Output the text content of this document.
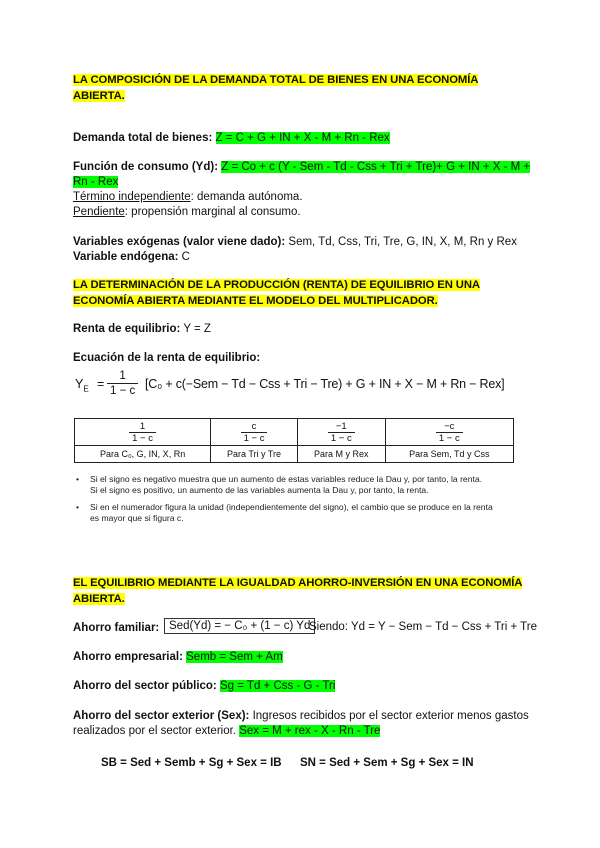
LA COMPOSICIÓN DE LA DEMANDA TOTAL DE BIENES EN UNA ECONOMÍA
ABIERTA.
Demanda total de bienes: Z = C + G + IN + X - M + Rn - Rex
Función de consumo (Yd): Z = Co + c (Y - Sem - Td - Css + Tri + Tre)+ G + IN + X - M +
Rn - Rex
Término independiente: demanda autónoma.
Pendiente: propensión marginal al consumo.
Variables exógenas (valor viene dado): Sem, Td, Css, Tri, Tre, G, IN, X, M, Rn y Rex
Variable endógena: C
LA DETERMINACIÓN DE LA PRODUCCIÓN (RENTA) DE EQUILIBRIO EN UNA
ECONOMÍA ABIERTA MEDIANTE EL MODELO DEL MULTIPLICADOR.
Renta de equilibrio: Y = Z
Ecuación de la renta de equilibrio:
$Y_E = \frac{1}{1 - c} [C_0 + c(-Sem - Td$ − Css + Tri − Tre) + G + IN + X − M + Rn − Rex]
$\frac{1}{1 - c}$	$\frac{c}{1 - c}$	$\frac{-1}{1 - c}$	$\frac{-c}{1 - c}$

Para C₀, G, IN, X, Rn	Para Tri y Tre	Para M y Rex	Para Sem, Td y Css
• Si el signo es negativo muestra que un aumento de estas variables reduce la Dau y, por tanto, la renta.
Si el signo es positivo, un aumento de las variables aumenta la Dau y, por tanto, la renta.
• Si en el numerador figura la unidad (independientemente del signo), el cambio que se produce en la renta
es mayor que si figura c.
EL EQUILIBRIO MEDIANTE LA IGUALDAD AHORRO-INVERSIÓN EN UNA ECONOMÍA
ABIERTA.
Ahorro familiar: Sed(Yd) = − C₀ + (1 − c) Yd
Siendo: Yd = Y − Sem − Td − Css + Tri + Tre
Ahorro empresarial: Semb = Sem + Am
Ahorro del sector público: Sg = Td + Css - G - Tri
Ahorro del sector exterior (Sex): Ingresos recibidos por el sector exterior menos gastos
realizados por el sector exterior. Sex = M + rex - X - Rn - Tre
SB = Sed + Semb + Sg + Sex = IB SN = Sed + Sem + Sg + Sex = IN
